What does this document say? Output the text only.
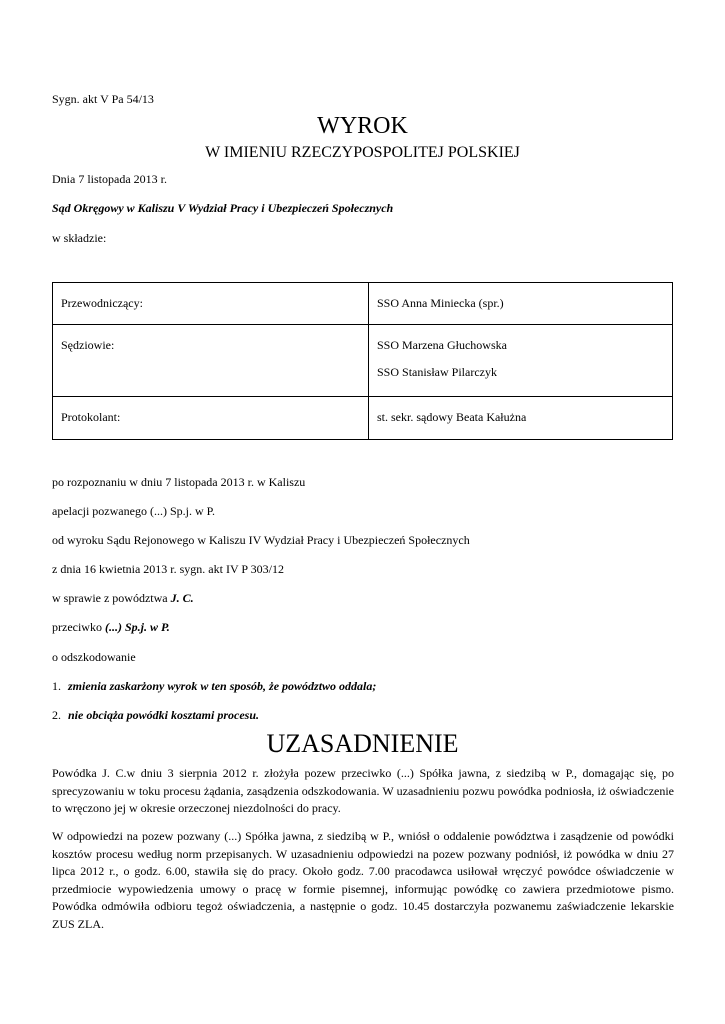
Sygn. akt V Pa 54/13
WYROK
W IMIENIU RZECZYPOSPOLITEJ POLSKIEJ
Dnia 7 listopada 2013 r.
Sąd Okręgowy w Kaliszu V Wydział Pracy i Ubezpieczeń Społecznych
w składzie:
Przewodniczący:	SSO Anna Miniecka (spr.)

Sędziowie:	SSO Marzena Głuchowska
SSO Stanisław Pilarczyk

Protokolant:	st. sekr. sądowy Beata Kałużna
po rozpoznaniu w dniu 7 listopada 2013 r. w Kaliszu
apelacji pozwanego (...) Sp.j. w P.
od wyroku Sądu Rejonowego w Kaliszu IV Wydział Pracy i Ubezpieczeń Społecznych
z dnia 16 kwietnia 2013 r. sygn. akt IV P 303/12
w sprawie z powództwa J. C.
przeciwko (...) Sp.j. w P.
o odszkodowanie
1. zmienia zaskarżony wyrok w ten sposób, że powództwo oddala;
2. nie obciąża powódki kosztami procesu.
UZASADNIENIE
Powódka J. C.w dniu 3 sierpnia 2012 r. złożyła pozew przeciwko (...) Spółka jawna, z siedzibą w P., domagając się, po sprecyzowaniu w toku procesu żądania, zasądzenia odszkodowania. W uzasadnieniu pozwu powódka podniosła, iż oświadczenie to wręczono jej w okresie orzeczonej niezdolności do pracy.
W odpowiedzi na pozew pozwany (...) Spółka jawna, z siedzibą w P., wniósł o oddalenie powództwa i zasądzenie od powódki kosztów procesu według norm przepisanych. W uzasadnieniu odpowiedzi na pozew pozwany podniósł, iż powódka w dniu 27 lipca 2012 r., o godz. 6.00, stawiła się do pracy. Około godz. 7.00 pracodawca usiłował wręczyć powódce oświadczenie w przedmiocie wypowiedzenia umowy o pracę w formie pisemnej, informując powódkę co zawiera przedmiotowe pismo. Powódka odmówiła odbioru tegoż oświadczenia, a następnie o godz. 10.45 dostarczyła pozwanemu zaświadczenie lekarskie ZUS ZLA.
